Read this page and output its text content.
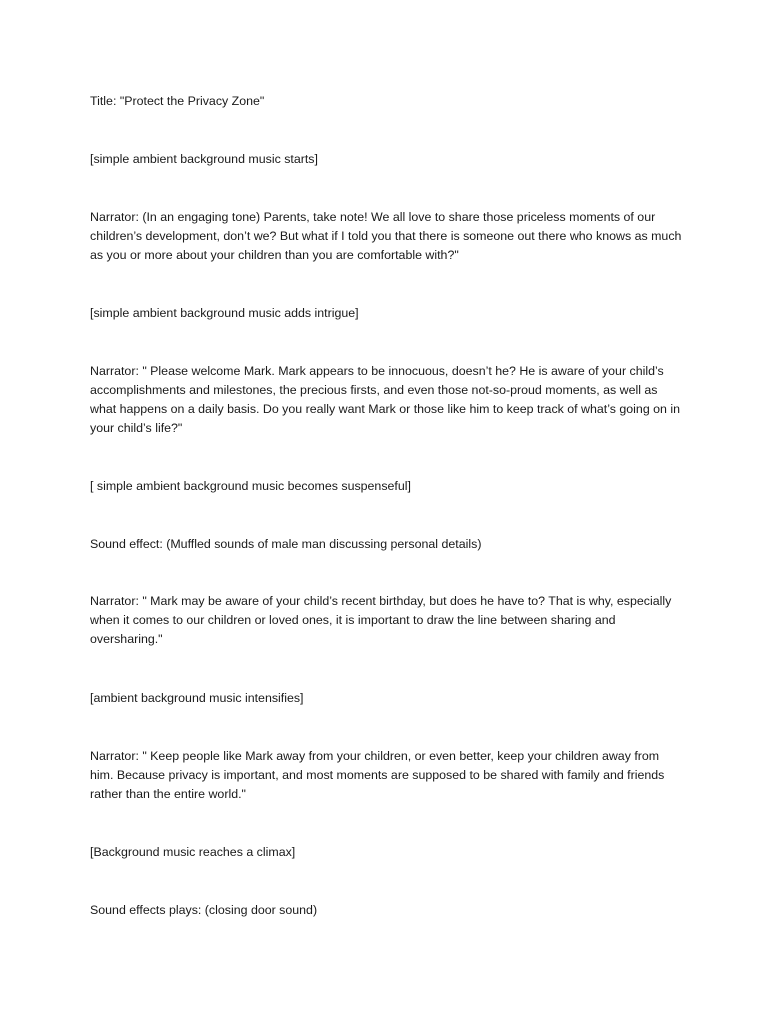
Title: "Protect the Privacy Zone"

[simple ambient background music starts]

Narrator: (In an engaging tone) Parents, take note! We all love to share those priceless moments of our children’s development, don’t we? But what if I told you that there is someone out there who knows as much as you or more about your children than you are comfortable with?"

[simple ambient background music adds intrigue]

Narrator: " Please welcome Mark. Mark appears to be innocuous, doesn’t he? He is aware of your child’s accomplishments and milestones, the precious firsts, and even those not-so-proud moments, as well as what happens on a daily basis. Do you really want Mark or those like him to keep track of what’s going on in your child’s life?"

[ simple ambient background music becomes suspenseful]

Sound effect: (Muffled sounds of male man discussing personal details)

Narrator: " Mark may be aware of your child’s recent birthday, but does he have to? That is why, especially when it comes to our children or loved ones, it is important to draw the line between sharing and oversharing."

[ambient background music intensifies]

Narrator: " Keep people like Mark away from your children, or even better, keep your children away from him. Because privacy is important, and most moments are supposed to be shared with family and friends rather than the entire world."

[Background music reaches a climax]

Sound effects plays: (closing door sound)
